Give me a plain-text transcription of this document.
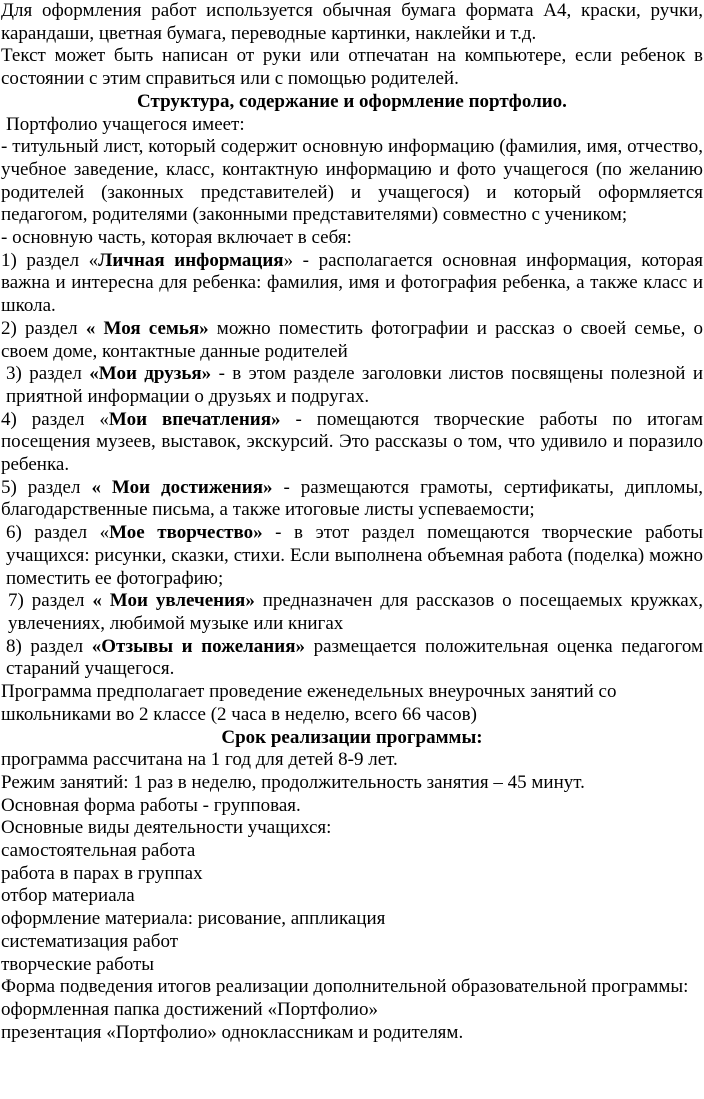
Для оформления работ используется обычная бумага формата А4, краски, ручки, карандаши, цветная бумага, переводные картинки, наклейки и т.д.

Текст может быть написан от руки или отпечатан на компьютере, если ребенок в состоянии с этим справиться или с помощью родителей.

Структура, содержание и оформление портфолио.

Портфолио учащегося имеет:

- титульный лист, который содержит основную информацию (фамилия, имя, отчество, учебное заведение, класс, контактную информацию и фото учащегося (по желанию родителей (законных представителей) и учащегося) и который оформляется педагогом, родителями (законными представителями) совместно с учеником;

- основную часть, которая включает в себя:

1) раздел «Личная информация» - располагается основная информация, которая важна и интересна для ребенка: фамилия, имя и фотография ребенка, а также класс и школа.

2) раздел « Моя семья» можно поместить фотографии и рассказ о своей семье, о своем доме, контактные данные родителей

3) раздел «Мои друзья» - в этом разделе заголовки листов посвящены полезной и приятной информации о друзьях и подругах.

4) раздел «Мои впечатления» - помещаются творческие работы по итогам посещения музеев, выставок, экскурсий. Это рассказы о том, что удивило и поразило ребенка.

5) раздел « Мои достижения» - размещаются грамоты, сертификаты, дипломы, благодарственные письма, а также итоговые листы успеваемости;

6) раздел «Мое творчество» - в этот раздел помещаются творческие работы учащихся: рисунки, сказки, стихи. Если выполнена объемная работа (поделка) можно поместить ее фотографию;

7) раздел « Мои увлечения» предназначен для рассказов о посещаемых кружках, увлечениях, любимой музыке или книгах

8) раздел «Отзывы и пожелания» размещается положительная оценка педагогом стараний учащегося.

Программа предполагает проведение еженедельных внеурочных занятий со школьниками во 2 классе (2 часа в неделю, всего 66 часов)

Срок реализации программы:

программа рассчитана на 1 год для детей 8-9 лет.

Режим занятий: 1 раз в неделю, продолжительность занятия – 45 минут.

Основная форма работы - групповая.

Основные виды деятельности учащихся:

самостоятельная работа

работа в парах в группах

отбор материала

оформление материала: рисование, аппликация

систематизация работ

творческие работы

Форма подведения итогов реализации дополнительной образовательной программы:

оформленная папка достижений «Портфолио»

презентация «Портфолио» одноклассникам и родителям.
